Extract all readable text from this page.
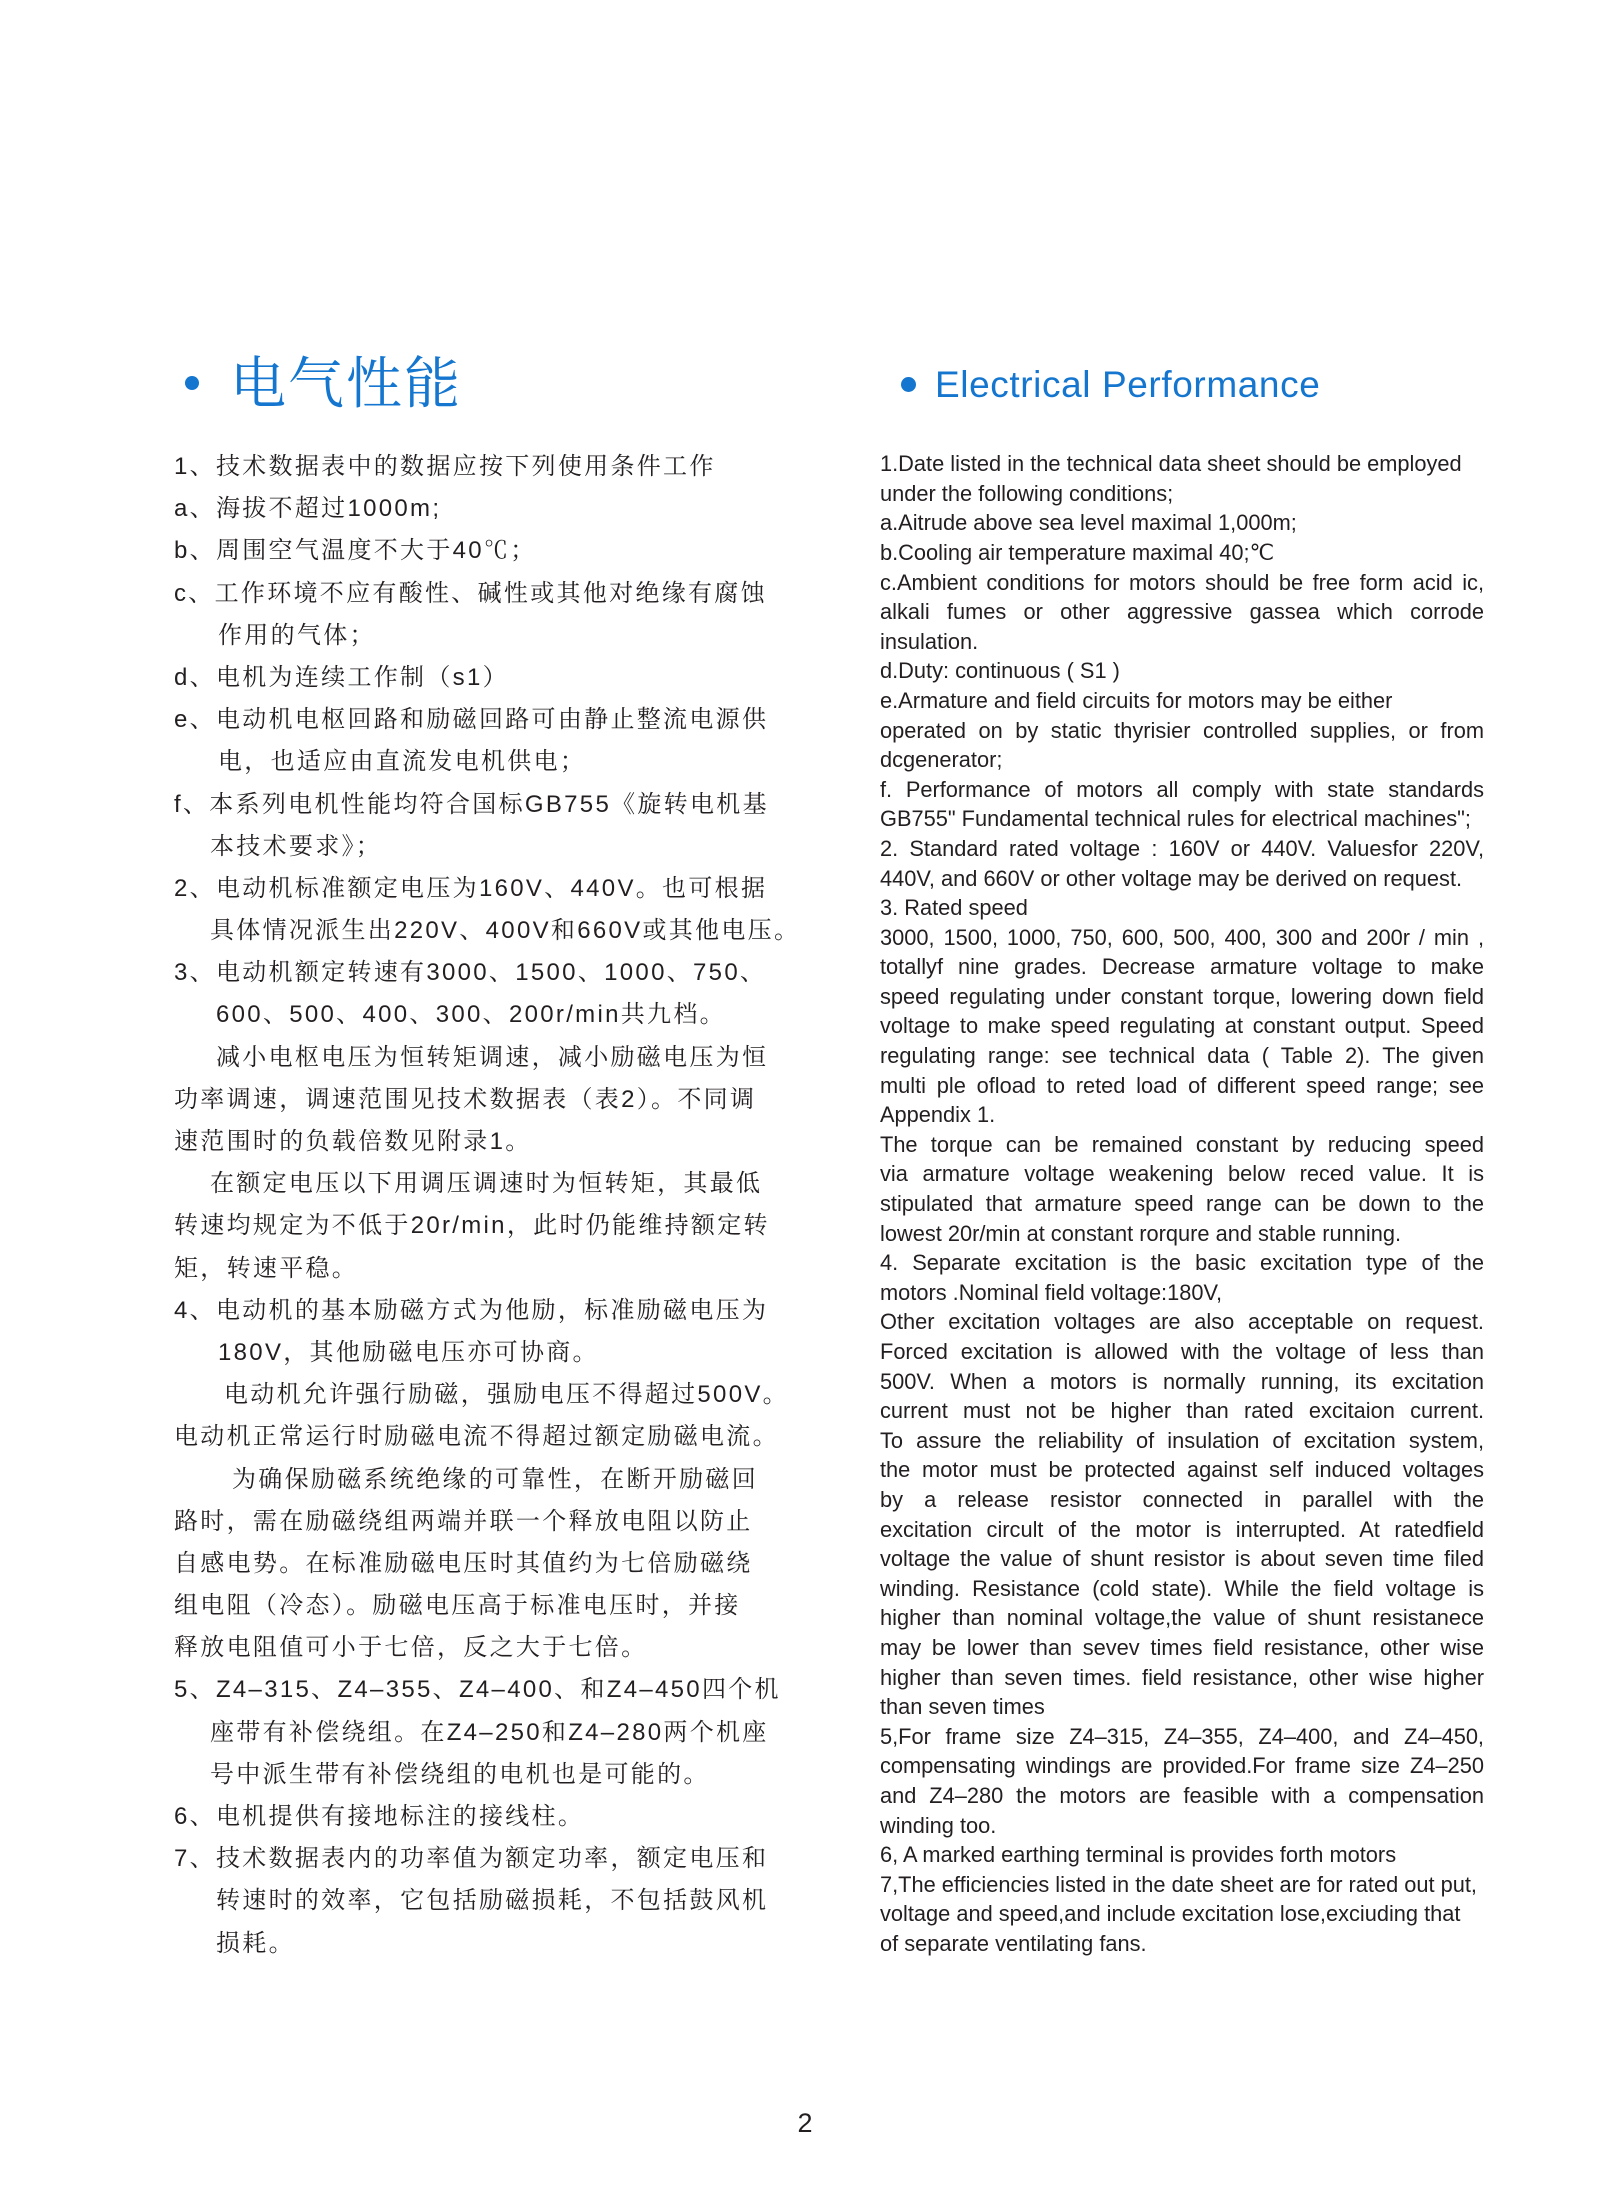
电气性能
1、技术数据表中的数据应按下列使用条件工作
a、海拔不超过1000m;
b、周围空气温度不大于40℃；
c、工作环境不应有酸性、碱性或其他对绝缘有腐蚀
作用的气体；
d、电机为连续工作制（s1）
e、电动机电枢回路和励磁回路可由静止整流电源供
电，也适应由直流发电机供电；
f、本系列电机性能均符合国标GB755《旋转电机基
本技术要求》；
2、电动机标准额定电压为160V、440V。也可根据
具体情况派生出220V、400V和660V或其他电压。
3、电动机额定转速有3000、1500、1000、750、
600、500、400、300、200r/min共九档。
减小电枢电压为恒转矩调速，减小励磁电压为恒
功率调速，调速范围见技术数据表（表2）。不同调
速范围时的负载倍数见附录1。
在额定电压以下用调压调速时为恒转矩，其最低
转速均规定为不低于20r/min，此时仍能维持额定转
矩，转速平稳。
4、电动机的基本励磁方式为他励，标准励磁电压为
180V，其他励磁电压亦可协商。
电动机允许强行励磁，强励电压不得超过500V。
电动机正常运行时励磁电流不得超过额定励磁电流。
为确保励磁系统绝缘的可靠性，在断开励磁回
路时，需在励磁绕组两端并联一个释放电阻以防止
自感电势。在标准励磁电压时其值约为七倍励磁绕
组电阻（冷态）。励磁电压高于标准电压时，并接
释放电阻值可小于七倍，反之大于七倍。
5、Z4–315、Z4–355、Z4–400、和Z4–450四个机
座带有补偿绕组。在Z4–250和Z4–280两个机座
号中派生带有补偿绕组的电机也是可能的。
6、电机提供有接地标注的接线柱。
7、技术数据表内的功率值为额定功率，额定电压和
转速时的效率，它包括励磁损耗，不包括鼓风机
损耗。
Electrical Performance
1.Date listed in the technical data sheet should be employed
under the following conditions;
a.Aitrude above sea level maximal 1,000m;
b.Cooling air temperature maximal 40;℃
c.Ambient conditions for motors should be free form acid ic,
alkali fumes or other aggressive gassea which corrode
insulation.
d.Duty: continuous ( S1 )
e.Armature and field circuits for motors may be either
operated on by static thyrisier controlled supplies, or from
dcgenerator;
f. Performance of motors all comply with state standards
GB755" Fundamental technical rules for electrical machines";
2. Standard rated voltage : 160V or 440V. Valuesfor 220V,
440V, and 660V or other voltage may be derived on request.
3. Rated speed
3000, 1500, 1000, 750, 600, 500, 400, 300 and 200r / min ,
totallyf nine grades. Decrease armature voltage to make
speed regulating under constant torque, lowering down field
voltage to make speed regulating at constant output. Speed
regulating range: see technical data ( Table 2). The given
multi ple ofload to reted load of different speed range; see
Appendix 1.
The torque can be remained constant by reducing speed
via armature voltage weakening below reced value. It is
stipulated that armature speed range can be down to the
lowest 20r/min at constant rorqure and stable running.
4. Separate excitation is the basic excitation type of the
motors .Nominal field voltage:180V,
Other excitation voltages are also acceptable on request.
Forced excitation is allowed with the voltage of less than
500V. When a motors is normally running, its excitation
current must not be higher than rated excitaion current.
To assure the reliability of insulation of excitation system,
the motor must be protected against self induced voltages
by a release resistor connected in parallel with the
excitation circult of the motor is interrupted. At ratedfield
voltage the value of shunt resistor is about seven time filed
winding. Resistance (cold state). While the field voltage is
higher than nominal voltage,the value of shunt resistanece
may be lower than sevev times field resistance, other wise
higher than seven times. field resistance, other wise higher
than seven times
5,For frame size Z4–315, Z4–355, Z4–400, and Z4–450,
compensating windings are provided.For frame size Z4–250
and Z4–280 the motors are feasible with a compensation
winding too.
6, A marked earthing terminal is provides forth motors
7,The efficiencies listed in the date sheet are for rated out put,
voltage and speed,and include excitation lose,exciuding that
of separate ventilating fans.
2
